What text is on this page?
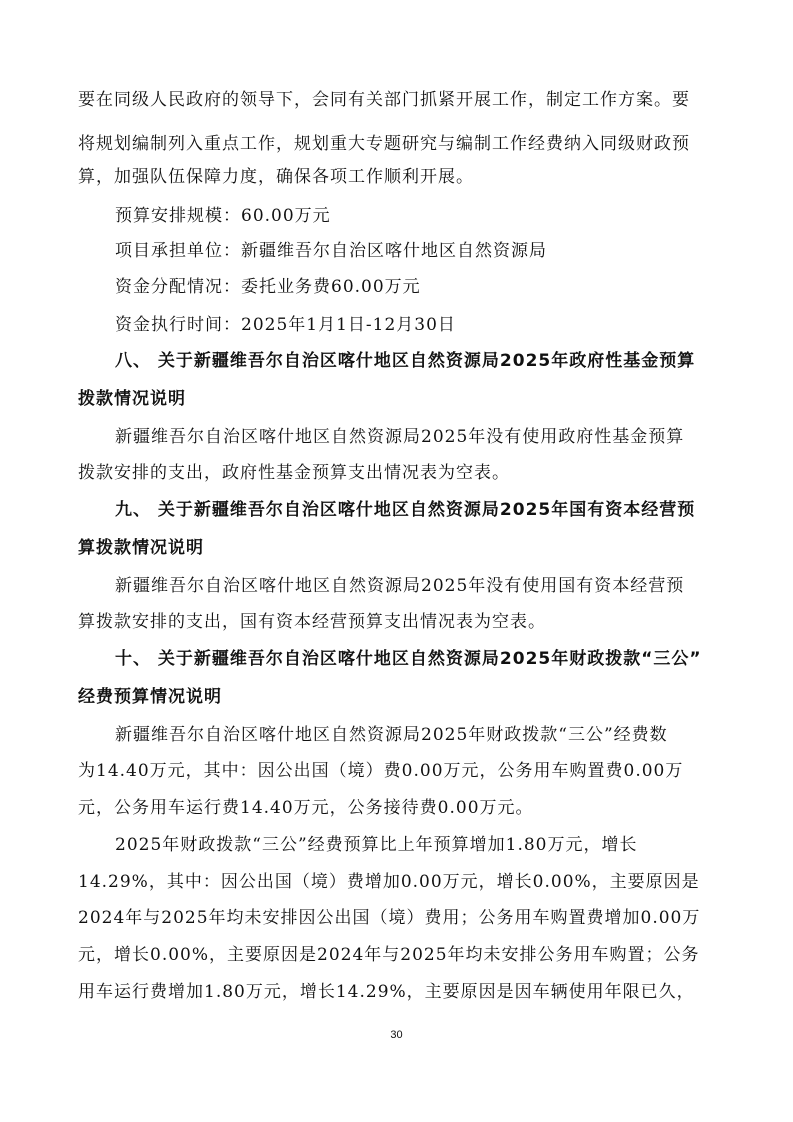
要在同级人民政府的领导下，会同有关部门抓紧开展工作，制定工作方案。要
将规划编制列入重点工作，规划重大专题研究与编制工作经费纳入同级财政预
算，加强队伍保障力度，确保各项工作顺利开展。
预算安排规模：60.00万元
项目承担单位：新疆维吾尔自治区喀什地区自然资源局
资金分配情况：委托业务费60.00万元
资金执行时间：2025年1月1日-12月30日
八、 关于新疆维吾尔自治区喀什地区自然资源局2025年政府性基金预算
拨款情况说明
新疆维吾尔自治区喀什地区自然资源局2025年没有使用政府性基金预算
拨款安排的支出，政府性基金预算支出情况表为空表。
九、 关于新疆维吾尔自治区喀什地区自然资源局2025年国有资本经营预
算拨款情况说明
新疆维吾尔自治区喀什地区自然资源局2025年没有使用国有资本经营预
算拨款安排的支出，国有资本经营预算支出情况表为空表。
十、 关于新疆维吾尔自治区喀什地区自然资源局2025年财政拨款“三公”
经费预算情况说明
新疆维吾尔自治区喀什地区自然资源局2025年财政拨款“三公”经费数
为14.40万元，其中：因公出国（境）费0.00万元，公务用车购置费0.00万
元，公务用车运行费14.40万元，公务接待费0.00万元。
2025年财政拨款“三公”经费预算比上年预算增加1.80万元，增长
14.29%，其中：因公出国（境）费增加0.00万元，增长0.00%，主要原因是
2024年与2025年均未安排因公出国（境）费用；公务用车购置费增加0.00万
元，增长0.00%，主要原因是2024年与2025年均未安排公务用车购置；公务
用车运行费增加1.80万元，增长14.29%，主要原因是因车辆使用年限已久，
30
